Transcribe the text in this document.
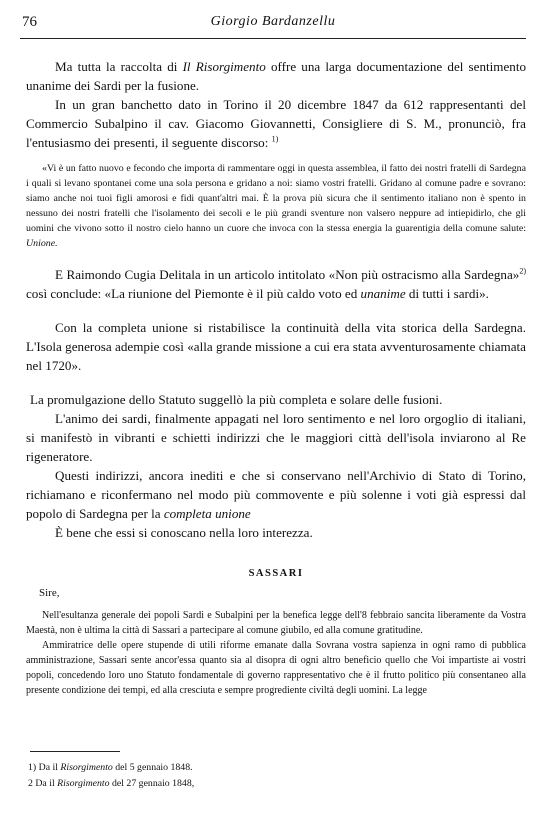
76	Giorgio Bardanzellu

Ma tutta la raccolta di Il Risorgimento offre una larga documentazione del sentimento unanime dei Sardi per la fusione.

In un gran banchetto dato in Torino il 20 dicembre 1847 da 612 rappresentanti del Commercio Subalpino il cav. Giacomo Giovannetti, Consigliere di S. M., pronunciò, fra l'entusiasmo dei presenti, il seguente discorso: $^{1)}$

«Vi è un fatto nuovo e fecondo che importa di rammentare oggi in questa assemblea, il fatto dei nostri fratelli di Sardegna i quali si levano spontanei come una sola persona e gridano a noi: siamo vostri fratelli. Gridano al comune padre e sovrano: siamo anche noi tuoi figli amorosi e fidi quant'altri mai. È la prova più sicura che il sentimento italiano non è spento in nessuno dei nostri fratelli che l'isolamento dei secoli e le più grandi sventure non valsero neppure ad intiepidirlo, che gli uomini che vivono sotto il nostro cielo hanno un cuore che invoca con la stessa energia la guarentigia della comune salute: Unione.

E Raimondo Cugia Delitala in un articolo intitolato «Non più ostracismo alla Sardegna»$^{2)}$ così conclude: «La riunione del Piemonte è il più caldo voto ed unanime di tutti i sardi».

Con la completa unione si ristabilisce la continuità della vita storica della Sardegna. L'Isola generosa adempie così «alla grande missione a cui era stata avventurosamente chiamata nel 1720».

La promulgazione dello Statuto suggellò la più completa e solare delle fusioni.

L'animo dei sardi, finalmente appagati nel loro sentimento e nel loro orgoglio di italiani, si manifestò in vibranti e schietti indirizzi che le maggiori città dell'isola inviarono al Re rigeneratore.

Questi indirizzi, ancora inediti e che si conservano nell'Archivio di Stato di Torino, richiamano e riconfermano nel modo più commovente e più solenne i voti già espressi dal popolo di Sardegna per la completa unione

È bene che essi si conoscano nella loro interezza.

SASSARI
Sire,

Nell'esultanza generale dei popoli Sardi e Subalpini per la benefica legge dell'8 febbraio sancita liberamente da Vostra Maestà, non è ultima la città di Sassari a partecipare al comune giubilo, ed alla comune gratitudine.

Ammiratrice delle opere stupende di utili riforme emanate dalla Sovrana vostra sapienza in ogni ramo di pubblica amministrazione, Sassari sente ancor'essa quanto sia al disopra di ogni altro beneficio quello che Voi impartiste ai vostri popoli, concedendo loro uno Statuto fondamentale di governo rappresentativo che è il frutto politico più consentaneo alla presente condizione dei tempi, ed alla cresciuta e sempre progrediente civiltà degli uomini. La legge

1) Da il Risorgimento del 5 gennaio 1848.

2 Da il Risorgimento del 27 gennaio 1848,
